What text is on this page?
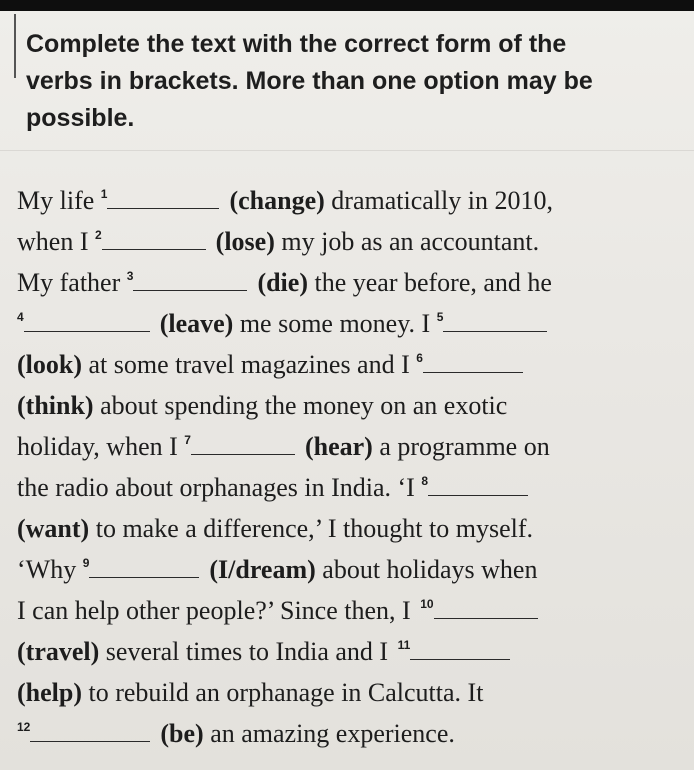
Complete the text with the correct form of the
verbs in brackets. More than one option may be
possible.
My life $^1$	(change) dramatically in 2010,
when I $^2$	(lose) my job as an accountant.
My father $^3$	(die) the year before, and he
$^4$	(leave) me some money. I $^5$
(look) at some travel magazines and I $^6$
(think) about spending the money on an exotic
holiday, when I $^7$	(hear) a programme on
the radio about orphanages in India. ‘I $^8$
(want) to make a difference,’ I thought to myself.
‘Why $^9$	(I/dream) about holidays when
I can help other people?’ Since then, I $^{10}$
(travel) several times to India and I $^{11}$
(help) to rebuild an orphanage in Calcutta. It
$^{12}$	(be) an amazing experience.
